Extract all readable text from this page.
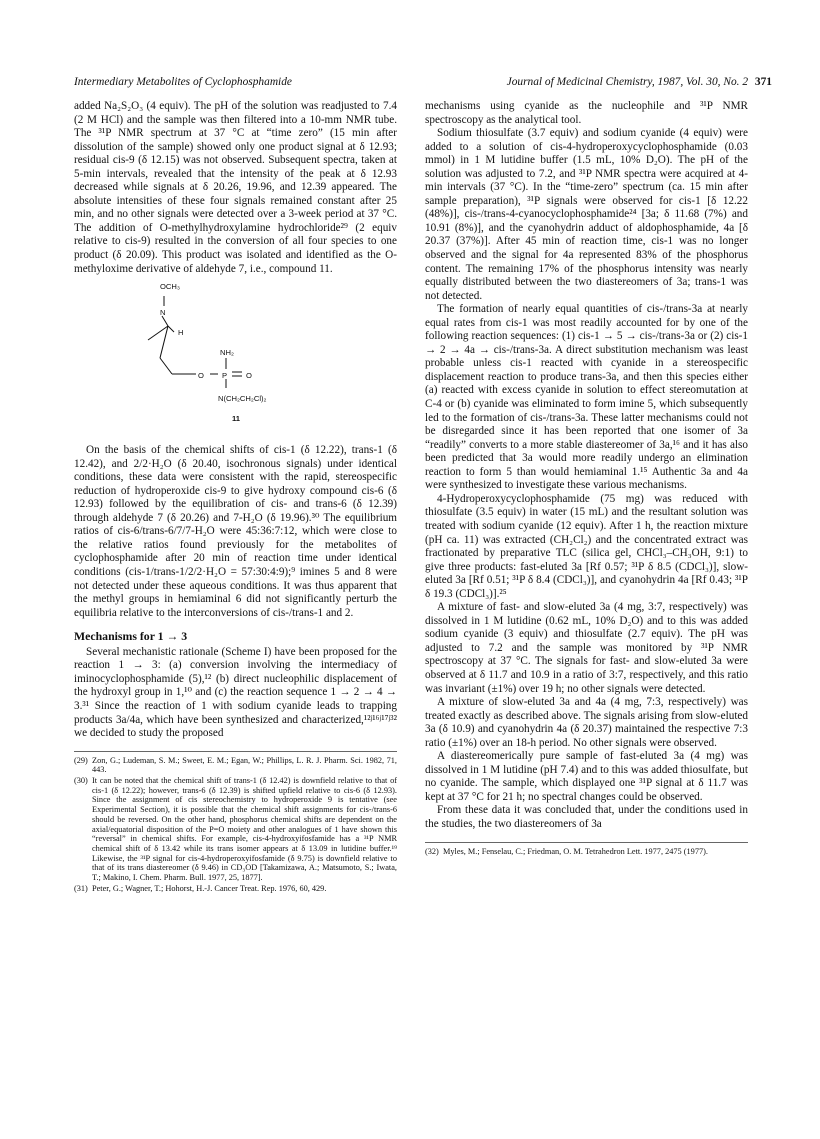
Intermediary Metabolites of Cyclophosphamide	Journal of Medicinal Chemistry, 1987, Vol. 30, No. 2 371

added Na₂S₂O₃ (4 equiv). The pH of the solution was readjusted to 7.4 (2 M HCl) and the sample was then filtered into a 10-mm NMR tube. The ³¹P NMR spectrum at 37 °C at “time zero” (15 min after dissolution of the sample) showed only one product signal at δ 12.93; residual cis-9 (δ 12.15) was not observed. Subsequent spectra, taken at 5-min intervals, revealed that the intensity of the peak at δ 12.93 decreased while signals at δ 20.26, 19.96, and 12.39 appeared. The absolute intensities of these four signals remained constant after 25 min, and no other signals were detected over a 3-week period at 37 °C. The addition of O-methylhydroxylamine hydrochloride²⁹ (2 equiv relative to cis-9) resulted in the conversion of all four species to one product (δ 20.09). This product was isolated and identified as the O-methyloxime derivative of aldehyde 7, i.e., compound 11.

OCH₃
N
H
NH₂
O P O
N(CH₂CH₂Cl)₂
11

On the basis of the chemical shifts of cis-1 (δ 12.22), trans-1 (δ 12.42), and 2/2·H₂O (δ 20.40, isochronous signals) under identical conditions, these data were consistent with the rapid, stereospecific reduction of hydroperoxide cis-9 to give hydroxy compound cis-6 (δ 12.93) followed by the equilibration of cis- and trans-6 (δ 12.39) through aldehyde 7 (δ 20.26) and 7-H₂O (δ 19.96).³⁰ The equilibrium ratios of cis-6/trans-6/7/7-H₂O were 45:36:7:12, which were close to the relative ratios found previously for the metabolites of cyclophosphamide after 20 min of reaction time under identical conditions (cis-1/trans-1/2/2·H₂O = 57:30:4:9);⁹ imines 5 and 8 were not detected under these aqueous conditions. It was thus apparent that the methyl groups in hemiaminal 6 did not significantly perturb the equilibria relative to the interconversions of cis-/trans-1 and 2.

Mechanisms for 1 → 3

Several mechanistic rationale (Scheme I) have been proposed for the reaction 1 → 3: (a) conversion involving the intermediacy of iminocyclophosphamide (5),¹² (b) direct nucleophilic displacement of the hydroxyl group in 1,¹⁰ and (c) the reaction sequence 1 → 2 → 4 → 3.³¹ Since the reaction of 1 with sodium cyanide leads to trapping products 3a/4a, which have been synthesized and characterized,¹²ʲ¹⁶ʲ¹⁷ʲ³² we decided to study the proposed

(29) Zon, G.; Ludeman, S. M.; Sweet, E. M.; Egan, W.; Phillips, L. R. J. Pharm. Sci. 1982, 71, 443.
(30) It can be noted that the chemical shift of trans-1 (δ 12.42) is downfield relative to that of cis-1 (δ 12.22); however, trans-6 (δ 12.39) is shifted upfield relative to cis-6 (δ 12.93). Since the assignment of cis stereochemistry to hydroperoxide 9 is tentative (see Experimental Section), it is possible that the chemical shift assignments for cis-/trans-6 should be reversed. On the other hand, phosphorus chemical shifts are dependent on the axial/equatorial disposition of the P=O moiety and other analogues of 1 have shown this “reversal” in chemical shifts. For example, cis-4-hydroxyifosfamide has a ³¹P NMR chemical shift of δ 13.42 while its trans isomer appears at δ 13.09 in lutidine buffer.¹⁹ Likewise, the ³¹P signal for cis-4-hydroperoxyifosfamide (δ 9.75) is downfield relative to that of its trans diastereomer (δ 9.46) in CD₃OD [Takamizawa, A.; Matsumoto, S.; Iwata, T.; Makino, I. Chem. Pharm. Bull. 1977, 25, 1877].
(31) Peter, G.; Wagner, T.; Hohorst, H.-J. Cancer Treat. Rep. 1976, 60, 429.

mechanisms using cyanide as the nucleophile and ³¹P NMR spectroscopy as the analytical tool.

Sodium thiosulfate (3.7 equiv) and sodium cyanide (4 equiv) were added to a solution of cis-4-hydroperoxycyclophosphamide (0.03 mmol) in 1 M lutidine buffer (1.5 mL, 10% D₂O). The pH of the solution was adjusted to 7.2, and ³¹P NMR spectra were acquired at 4-min intervals (37 °C). In the “time-zero” spectrum (ca. 15 min after sample preparation), ³¹P signals were observed for cis-1 [δ 12.22 (48%)], cis-/trans-4-cyanocyclophosphamide²⁴ [3a; δ 11.68 (7%) and 10.91 (8%)], and the cyanohydrin adduct of aldophosphamide, 4a [δ 20.37 (37%)]. After 45 min of reaction time, cis-1 was no longer observed and the signal for 4a represented 83% of the phosphorus content. The remaining 17% of the phosphorus intensity was nearly equally distributed between the two diastereomers of 3a; trans-1 was not detected.

The formation of nearly equal quantities of cis-/trans-3a at nearly equal rates from cis-1 was most readily accounted for by one of the following reaction sequences: (1) cis-1 → 5 → cis-/trans-3a or (2) cis-1 → 2 → 4a → cis-/trans-3a. A direct substitution mechanism was least probable unless cis-1 reacted with cyanide in a stereospecific displacement reaction to produce trans-3a, and then this species either (a) reacted with excess cyanide in solution to effect stereomutation at C-4 or (b) cyanide was eliminated to form imine 5, which subsequently led to the formation of cis-/trans-3a. These latter mechanisms could not be disregarded since it has been reported that one isomer of 3a “readily” converts to a more stable diastereomer of 3a,¹⁶ and it has also been predicted that 3a would more readily undergo an elimination reaction to form 5 than would hemiaminal 1.¹⁵ Authentic 3a and 4a were synthesized to investigate these various mechanisms.

4-Hydroperoxycyclophosphamide (75 mg) was reduced with thiosulfate (3.5 equiv) in water (15 mL) and the resultant solution was treated with sodium cyanide (12 equiv). After 1 h, the reaction mixture (pH ca. 11) was extracted (CH₂Cl₂) and the concentrated extract was fractionated by preparative TLC (silica gel, CHCl₃–CH₃OH, 9:1) to give three products: fast-eluted 3a [Rf 0.57; ³¹P δ 8.5 (CDCl₃)], slow-eluted 3a [Rf 0.51; ³¹P δ 8.4 (CDCl₃)], and cyanohydrin 4a [Rf 0.43; ³¹P δ 19.3 (CDCl₃)].²⁵

A mixture of fast- and slow-eluted 3a (4 mg, 3:7, respectively) was dissolved in 1 M lutidine (0.62 mL, 10% D₂O) and to this was added sodium cyanide (3 equiv) and thiosulfate (2.7 equiv). The pH was adjusted to 7.2 and the sample was monitored by ³¹P NMR spectroscopy at 37 °C. The signals for fast- and slow-eluted 3a were observed at δ 11.7 and 10.9 in a ratio of 3:7, respectively, and this ratio was invariant (±1%) over 19 h; no other signals were detected.

A mixture of slow-eluted 3a and 4a (4 mg, 7:3, respectively) was treated exactly as described above. The signals arising from slow-eluted 3a (δ 10.9) and cyanohydrin 4a (δ 20.37) maintained the respective 7:3 ratio (±1%) over an 18-h period. No other signals were observed.

A diastereomerically pure sample of fast-eluted 3a (4 mg) was dissolved in 1 M lutidine (pH 7.4) and to this was added thiosulfate, but no cyanide. The sample, which displayed one ³¹P signal at δ 11.7 was kept at 37 °C for 21 h; no spectral changes could be observed.

From these data it was concluded that, under the conditions used in the studies, the two diastereomers of 3a

(32) Myles, M.; Fenselau, C.; Friedman, O. M. Tetrahedron Lett. 1977, 2475 (1977).
